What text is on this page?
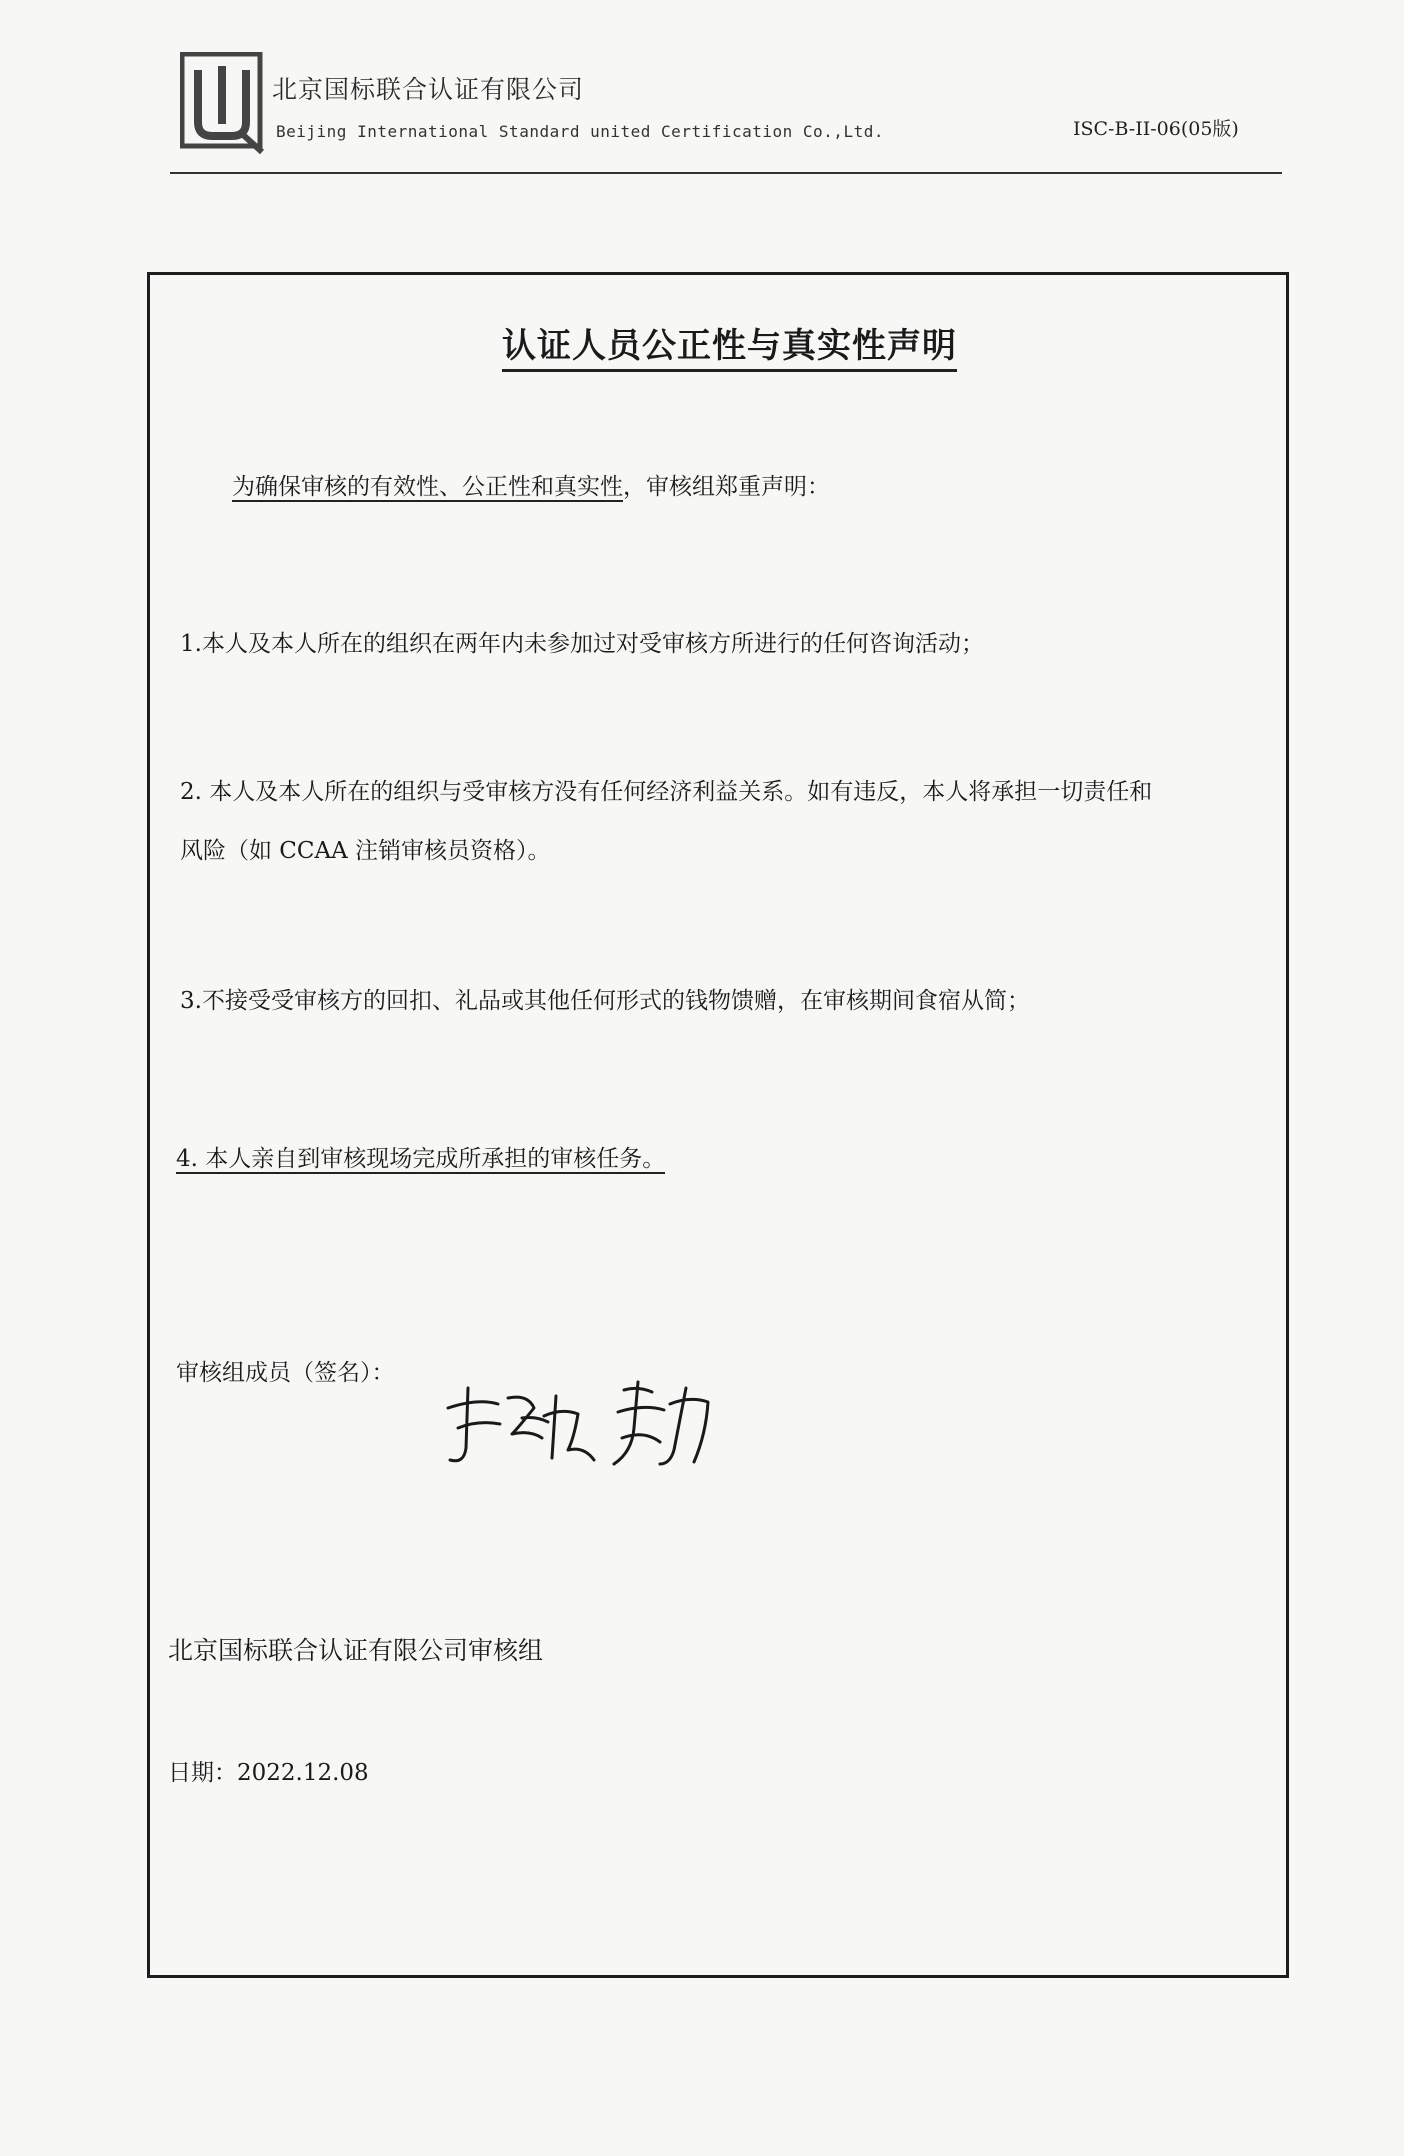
北京国标联合认证有限公司
Beijing International Standard united Certification Co.,Ltd.	ISC-B-II-06(05版)
认证人员公正性与真实性声明
为确保审核的有效性、公正性和真实性，审核组郑重声明：
1.本人及本人所在的组织在两年内未参加过对受审核方所进行的任何咨询活动；
2. 本人及本人所在的组织与受审核方没有任何经济利益关系。如有违反，本人将承担一切责任和
风险（如 CCAA 注销审核员资格）。
3.不接受受审核方的回扣、礼品或其他任何形式的钱物馈赠，在审核期间食宿从简；
4. 本人亲自到审核现场完成所承担的审核任务。
审核组成员（签名）：
北京国标联合认证有限公司审核组
日期：2022.12.08
